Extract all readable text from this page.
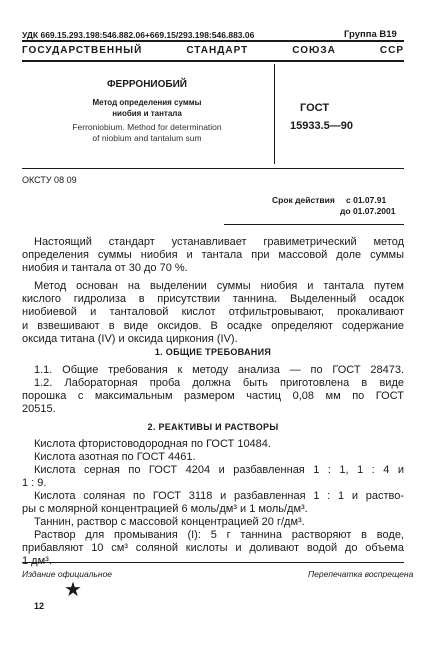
УДК 669.15.293.198:546.882.06+669.15/293.198:546.883.06	Группа В19
ГОСУДАРСТВЕННЫЙ СТАНДАРТ СОЮЗА ССР
ФЕРРОНИОБИЙ
Метод определения суммы
ниобия и тантала
Ferroniobium. Method for determination
of niobium and tantalum sum
ГОСТ
15933.5—90
ОКСТУ 08 09
Срок действия с 01.07.91
до 01.07.2001
Настоящий стандарт устанавливает гравиметрический метод
определения суммы ниобия и тантала при массовой доле суммы
ниобия и тантала от 30 до 70 %.
Метод основан на выделении суммы ниобия и тантала путем
кислого гидролиза в присутствии таннина. Выделенный осадок
ниобиевой и танталовой кислот отфильтровывают, прокаливают
и взвешивают в виде оксидов. В осадке определяют содержание
оксида титана (IV) и оксида циркония (IV).
1. ОБЩИЕ ТРЕБОВАНИЯ
1.1. Общие требования к методу анализа — по ГОСТ 28473.
1.2. Лабораторная проба должна быть приготовлена в виде
порошка с максимальным размером частиц 0,08 мм по ГОСТ
20515.
2. РЕАКТИВЫ И РАСТВОРЫ
Кислота фтористоводородная по ГОСТ 10484.
Кислота азотная по ГОСТ 4461.
Кислота серная по ГОСТ 4204 и разбавленная 1 : 1, 1 : 4 и
1 : 9.
Кислота соляная по ГОСТ 3118 и разбавленная 1 : 1 и раство-
ры с молярной концентрацией 6 моль/дм³ и 1 моль/дм³.
Таннин, раствор с массовой концентрацией 20 г/дм³.
Раствор для промывания (I): 5 г таннина растворяют в воде,
прибавляют 10 см³ соляной кислоты и доливают водой до объема
Издание официальное	Перепечатка воспрещена
★
12
